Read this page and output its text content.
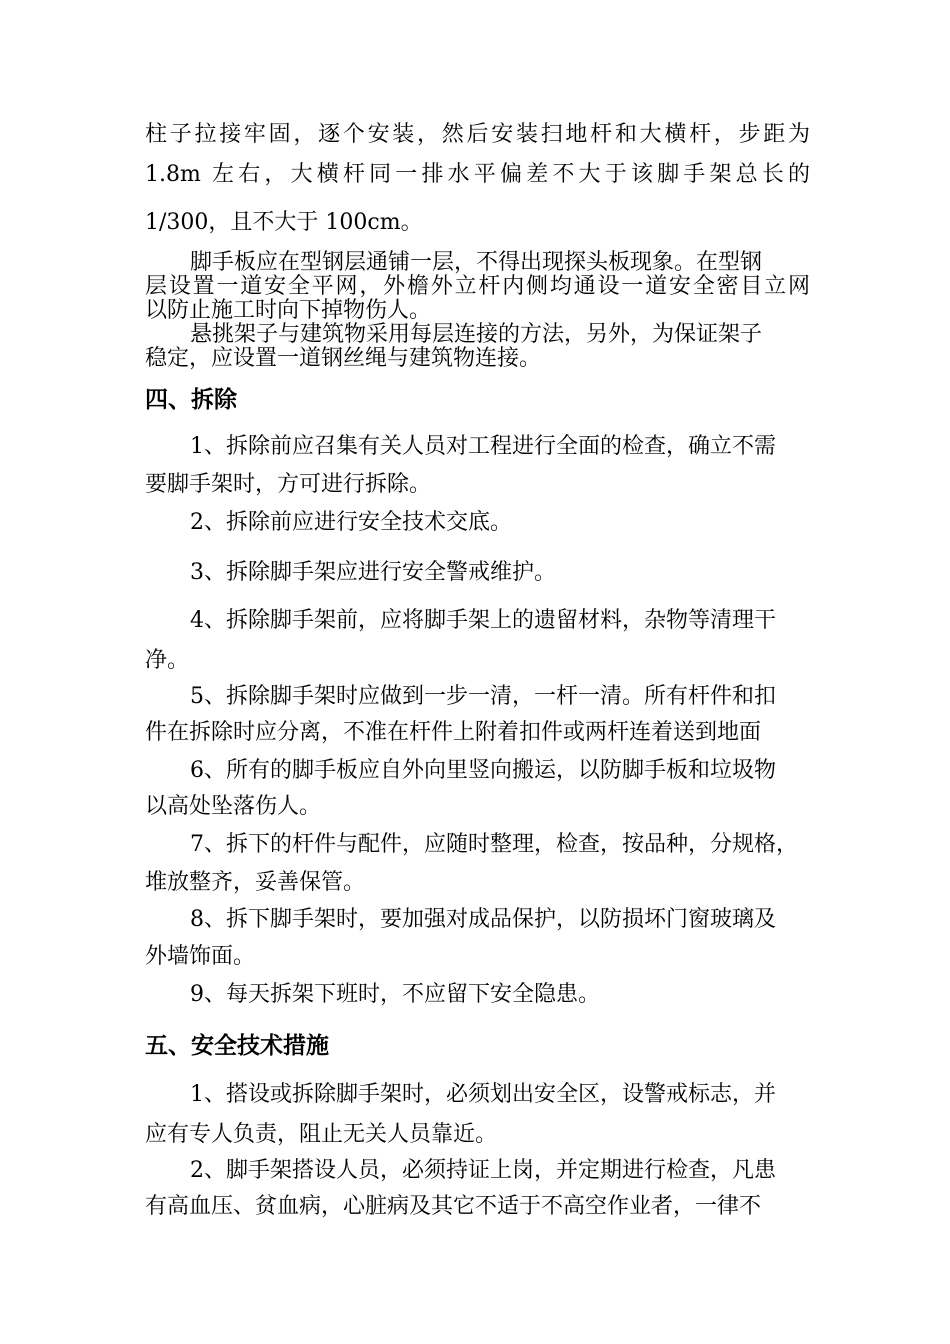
柱子拉接牢固，逐个安装，然后安装扫地杆和大横杆，步距为
1.8m 左右，大横杆同一排水平偏差不大于该脚手架总长的
1/300，且不大于 100cm。
脚手板应在型钢层通铺一层，不得出现探头板现象。在型钢
层设置一道安全平网，外檐外立杆内侧均通设一道安全密目立网
以防止施工时向下掉物伤人。
悬挑架子与建筑物采用每层连接的方法，另外，为保证架子
稳定，应设置一道钢丝绳与建筑物连接。
四、拆除
1、拆除前应召集有关人员对工程进行全面的检查，确立不需
要脚手架时，方可进行拆除。
2、拆除前应进行安全技术交底。
3、拆除脚手架应进行安全警戒维护。
4、拆除脚手架前，应将脚手架上的遗留材料，杂物等清理干
净。
5、拆除脚手架时应做到一步一清，一杆一清。所有杆件和扣
件在拆除时应分离，不准在杆件上附着扣件或两杆连着送到地面
6、所有的脚手板应自外向里竖向搬运，以防脚手板和垃圾物
以高处坠落伤人。
7、拆下的杆件与配件，应随时整理，检查，按品种，分规格，
堆放整齐，妥善保管。
8、拆下脚手架时，要加强对成品保护，以防损坏门窗玻璃及
外墙饰面。
9、每天拆架下班时，不应留下安全隐患。
五、安全技术措施
1、搭设或拆除脚手架时，必须划出安全区，设警戒标志，并
应有专人负责，阻止无关人员靠近。
2、脚手架搭设人员，必须持证上岗，并定期进行检查，凡患
有高血压、贫血病，心脏病及其它不适于不高空作业者，一律不
